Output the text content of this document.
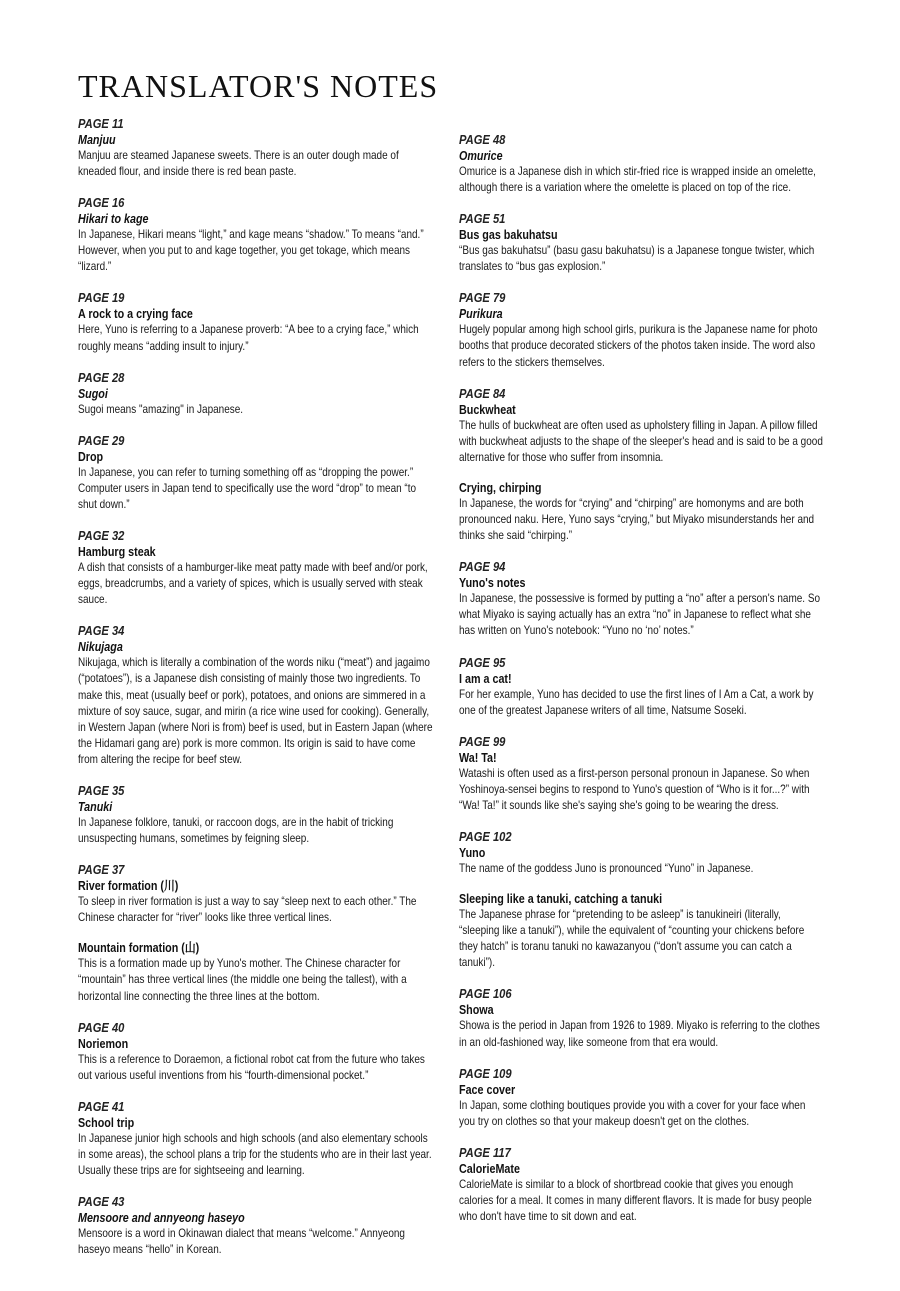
TRANSLATOR'S NOTES
PAGE 11
Manjuu
Manjuu are steamed Japanese sweets. There is an outer dough made of kneaded flour, and inside there is red bean paste.
PAGE 16
Hikari to kage
In Japanese, Hikari means “light,” and kage means “shadow.” To means “and.” However, when you put to and kage together, you get tokage, which means “lizard.”
PAGE 19
A rock to a crying face
Here, Yuno is referring to a Japanese proverb: “A bee to a crying face,” which roughly means “adding insult to injury.”
PAGE 28
Sugoi
Sugoi means "amazing" in Japanese.
PAGE 29
Drop
In Japanese, you can refer to turning something off as “dropping the power.” Computer users in Japan tend to specifically use the word “drop” to mean “to shut down.”
PAGE 32
Hamburg steak
A dish that consists of a hamburger-like meat patty made with beef and/or pork, eggs, breadcrumbs, and a variety of spices, which is usually served with steak sauce.
PAGE 34
Nikujaga
Nikujaga, which is literally a combination of the words niku (“meat”) and jagaimo (“potatoes”), is a Japanese dish consisting of mainly those two ingredients. To make this, meat (usually beef or pork), potatoes, and onions are simmered in a mixture of soy sauce, sugar, and mirin (a rice wine used for cooking). Generally, in Western Japan (where Nori is from) beef is used, but in Eastern Japan (where the Hidamari gang are) pork is more common. Its origin is said to have come from altering the recipe for beef stew.
PAGE 35
Tanuki
In Japanese folklore, tanuki, or raccoon dogs, are in the habit of tricking unsuspecting humans, sometimes by feigning sleep.
PAGE 37
River formation (川)
To sleep in river formation is just a way to say “sleep next to each other.” The Chinese character for “river” looks like three vertical lines.
Mountain formation (山)
This is a formation made up by Yuno's mother. The Chinese character for “mountain” has three vertical lines (the middle one being the tallest), with a horizontal line connecting the three lines at the bottom.
PAGE 40
Noriemon
This is a reference to Doraemon, a fictional robot cat from the future who takes out various useful inventions from his “fourth-dimensional pocket.”
PAGE 41
School trip
In Japanese junior high schools and high schools (and also elementary schools in some areas), the school plans a trip for the students who are in their last year. Usually these trips are for sightseeing and learning.
PAGE 43
Mensoore and annyeong haseyo
Mensoore is a word in Okinawan dialect that means “welcome.” Annyeong haseyo means “hello” in Korean.
PAGE 48
Omurice
Omurice is a Japanese dish in which stir-fried rice is wrapped inside an omelette, although there is a variation where the omelette is placed on top of the rice.
PAGE 51
Bus gas bakuhatsu
“Bus gas bakuhatsu” (basu gasu bakuhatsu) is a Japanese tongue twister, which translates to “bus gas explosion.”
PAGE 79
Purikura
Hugely popular among high school girls, purikura is the Japanese name for photo booths that produce decorated stickers of the photos taken inside. The word also refers to the stickers themselves.
PAGE 84
Buckwheat
The hulls of buckwheat are often used as upholstery filling in Japan. A pillow filled with buckwheat adjusts to the shape of the sleeper's head and is said to be a good alternative for those who suffer from insomnia.
Crying, chirping
In Japanese, the words for “crying” and “chirping” are homonyms and are both pronounced naku. Here, Yuno says “crying,” but Miyako misunderstands her and thinks she said “chirping.”
PAGE 94
Yuno's notes
In Japanese, the possessive is formed by putting a “no” after a person's name. So what Miyako is saying actually has an extra “no” in Japanese to reflect what she has written on Yuno's notebook: “Yuno no ‘no’ notes.”
PAGE 95
I am a cat!
For her example, Yuno has decided to use the first lines of I Am a Cat, a work by one of the greatest Japanese writers of all time, Natsume Soseki.
PAGE 99
Wa! Ta!
Watashi is often used as a first-person personal pronoun in Japanese. So when Yoshinoya-sensei begins to respond to Yuno's question of “Who is it for...?” with “Wa! Ta!” it sounds like she's saying she's going to be wearing the dress.
PAGE 102
Yuno
The name of the goddess Juno is pronounced “Yuno” in Japanese.
Sleeping like a tanuki, catching a tanuki
The Japanese phrase for “pretending to be asleep” is tanukineiri (literally, “sleeping like a tanuki”), while the equivalent of “counting your chickens before they hatch” is toranu tanuki no kawazanyou (“don't assume you can catch a tanuki”).
PAGE 106
Showa
Showa is the period in Japan from 1926 to 1989. Miyako is referring to the clothes in an old-fashioned way, like someone from that era would.
PAGE 109
Face cover
In Japan, some clothing boutiques provide you with a cover for your face when you try on clothes so that your makeup doesn't get on the clothes.
PAGE 117
CalorieMate
CalorieMate is similar to a block of shortbread cookie that gives you enough calories for a meal. It comes in many different flavors. It is made for busy people who don't have time to sit down and eat.
